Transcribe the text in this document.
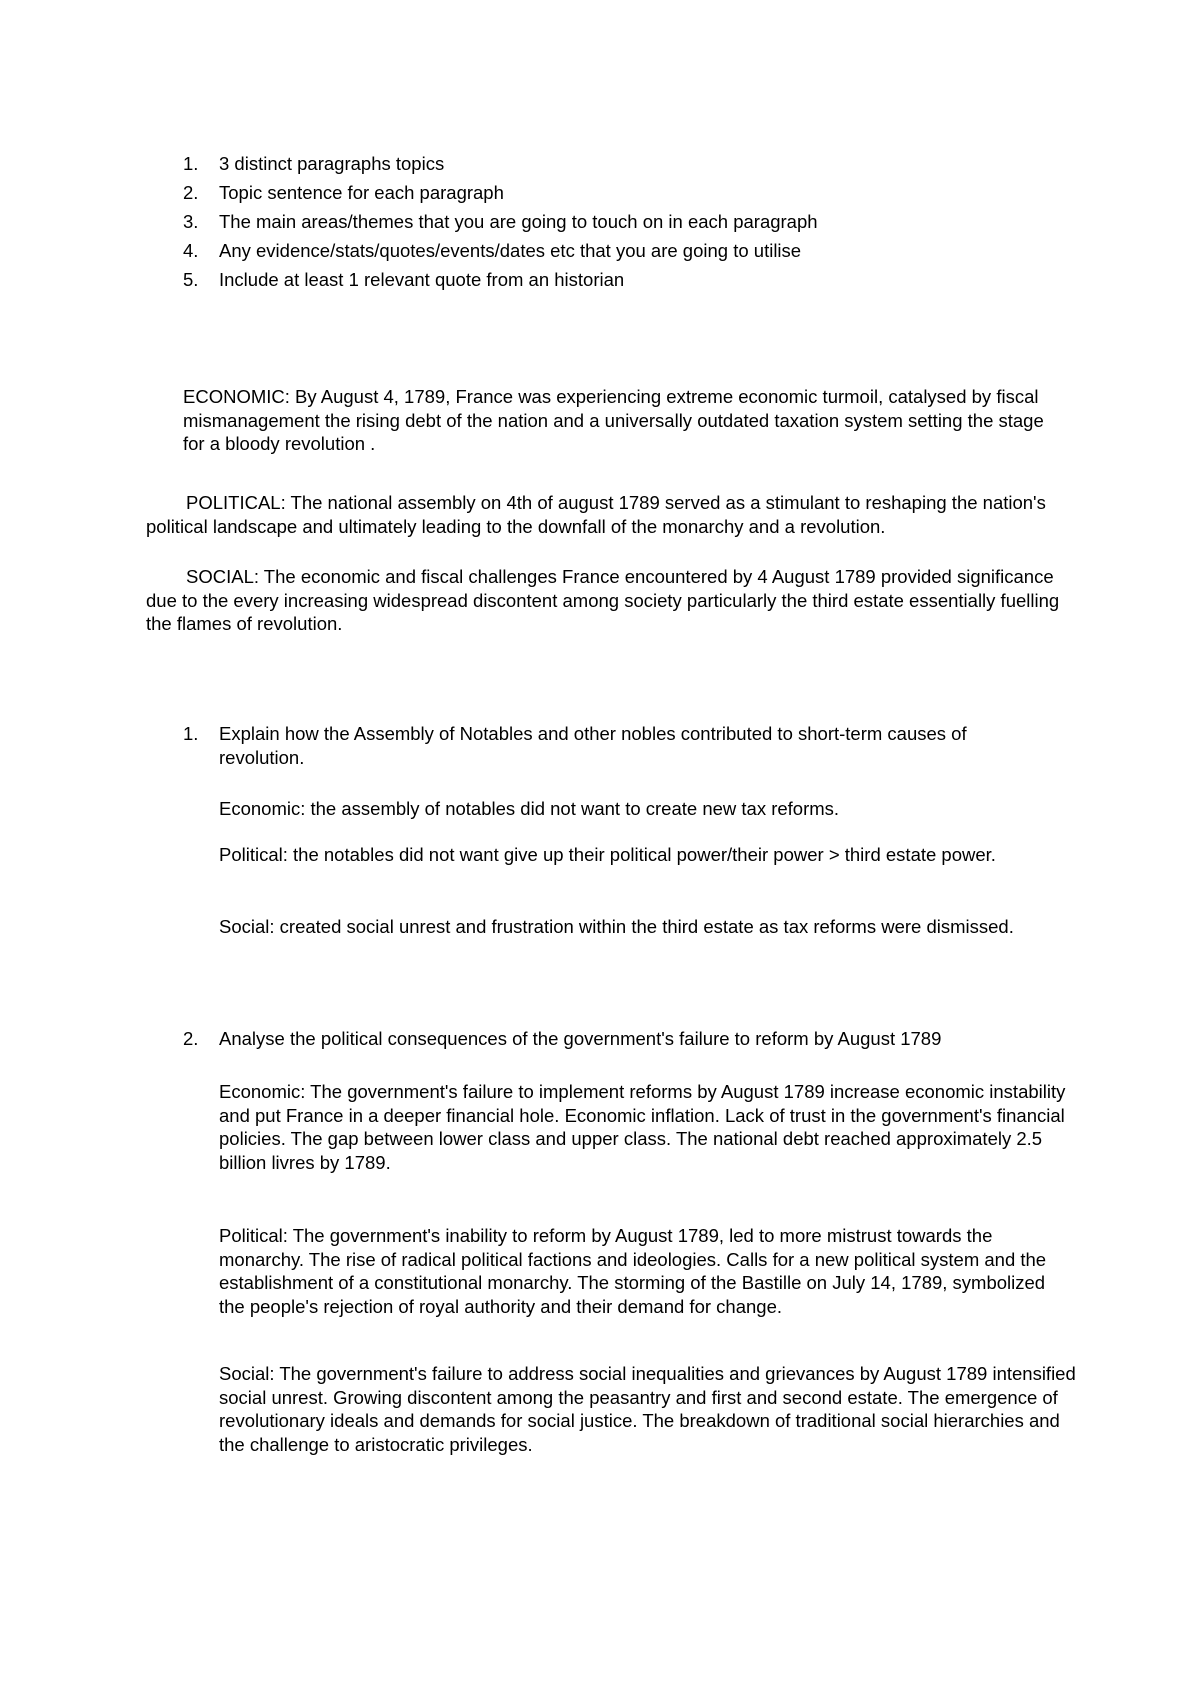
1.	3 distinct paragraphs topics
2.	Topic sentence for each paragraph
3.	The main areas/themes that you are going to touch on in each paragraph
4.	Any evidence/stats/quotes/events/dates etc that you are going to utilise
5.	Include at least 1 relevant quote from an historian

ECONOMIC: By August 4, 1789, France was experiencing extreme economic turmoil, catalysed by fiscal mismanagement the rising debt of the nation and a universally outdated taxation system setting the stage for a bloody revolution .

POLITICAL: The national assembly on 4th of august 1789 served as a stimulant to reshaping the nation's political landscape and ultimately leading to the downfall of the monarchy and a revolution.

SOCIAL: The economic and fiscal challenges France encountered by 4 August 1789 provided significance due to the every increasing widespread discontent among society particularly the third estate essentially fuelling the flames of revolution.

1.	Explain how the Assembly of Notables and other nobles contributed to short-term causes of revolution.

Economic: the assembly of notables did not want to create new tax reforms.

Political: the notables did not want give up their political power/their power > third estate power.

Social: created social unrest and frustration within the third estate as tax reforms were dismissed.

2.	Analyse the political consequences of the government's failure to reform by August 1789

Economic: The government's failure to implement reforms by August 1789 increase economic instability and put France in a deeper financial hole. Economic inflation. Lack of trust in the government's financial policies. The gap between lower class and upper class. The national debt reached approximately 2.5 billion livres by 1789.

Political: The government's inability to reform by August 1789, led to more mistrust towards the monarchy. The rise of radical political factions and ideologies. Calls for a new political system and the establishment of a constitutional monarchy. The storming of the Bastille on July 14, 1789, symbolized the people's rejection of royal authority and their demand for change.

Social: The government's failure to address social inequalities and grievances by August 1789 intensified social unrest. Growing discontent among the peasantry and first and second estate. The emergence of revolutionary ideals and demands for social justice. The breakdown of traditional social hierarchies and the challenge to aristocratic privileges.
